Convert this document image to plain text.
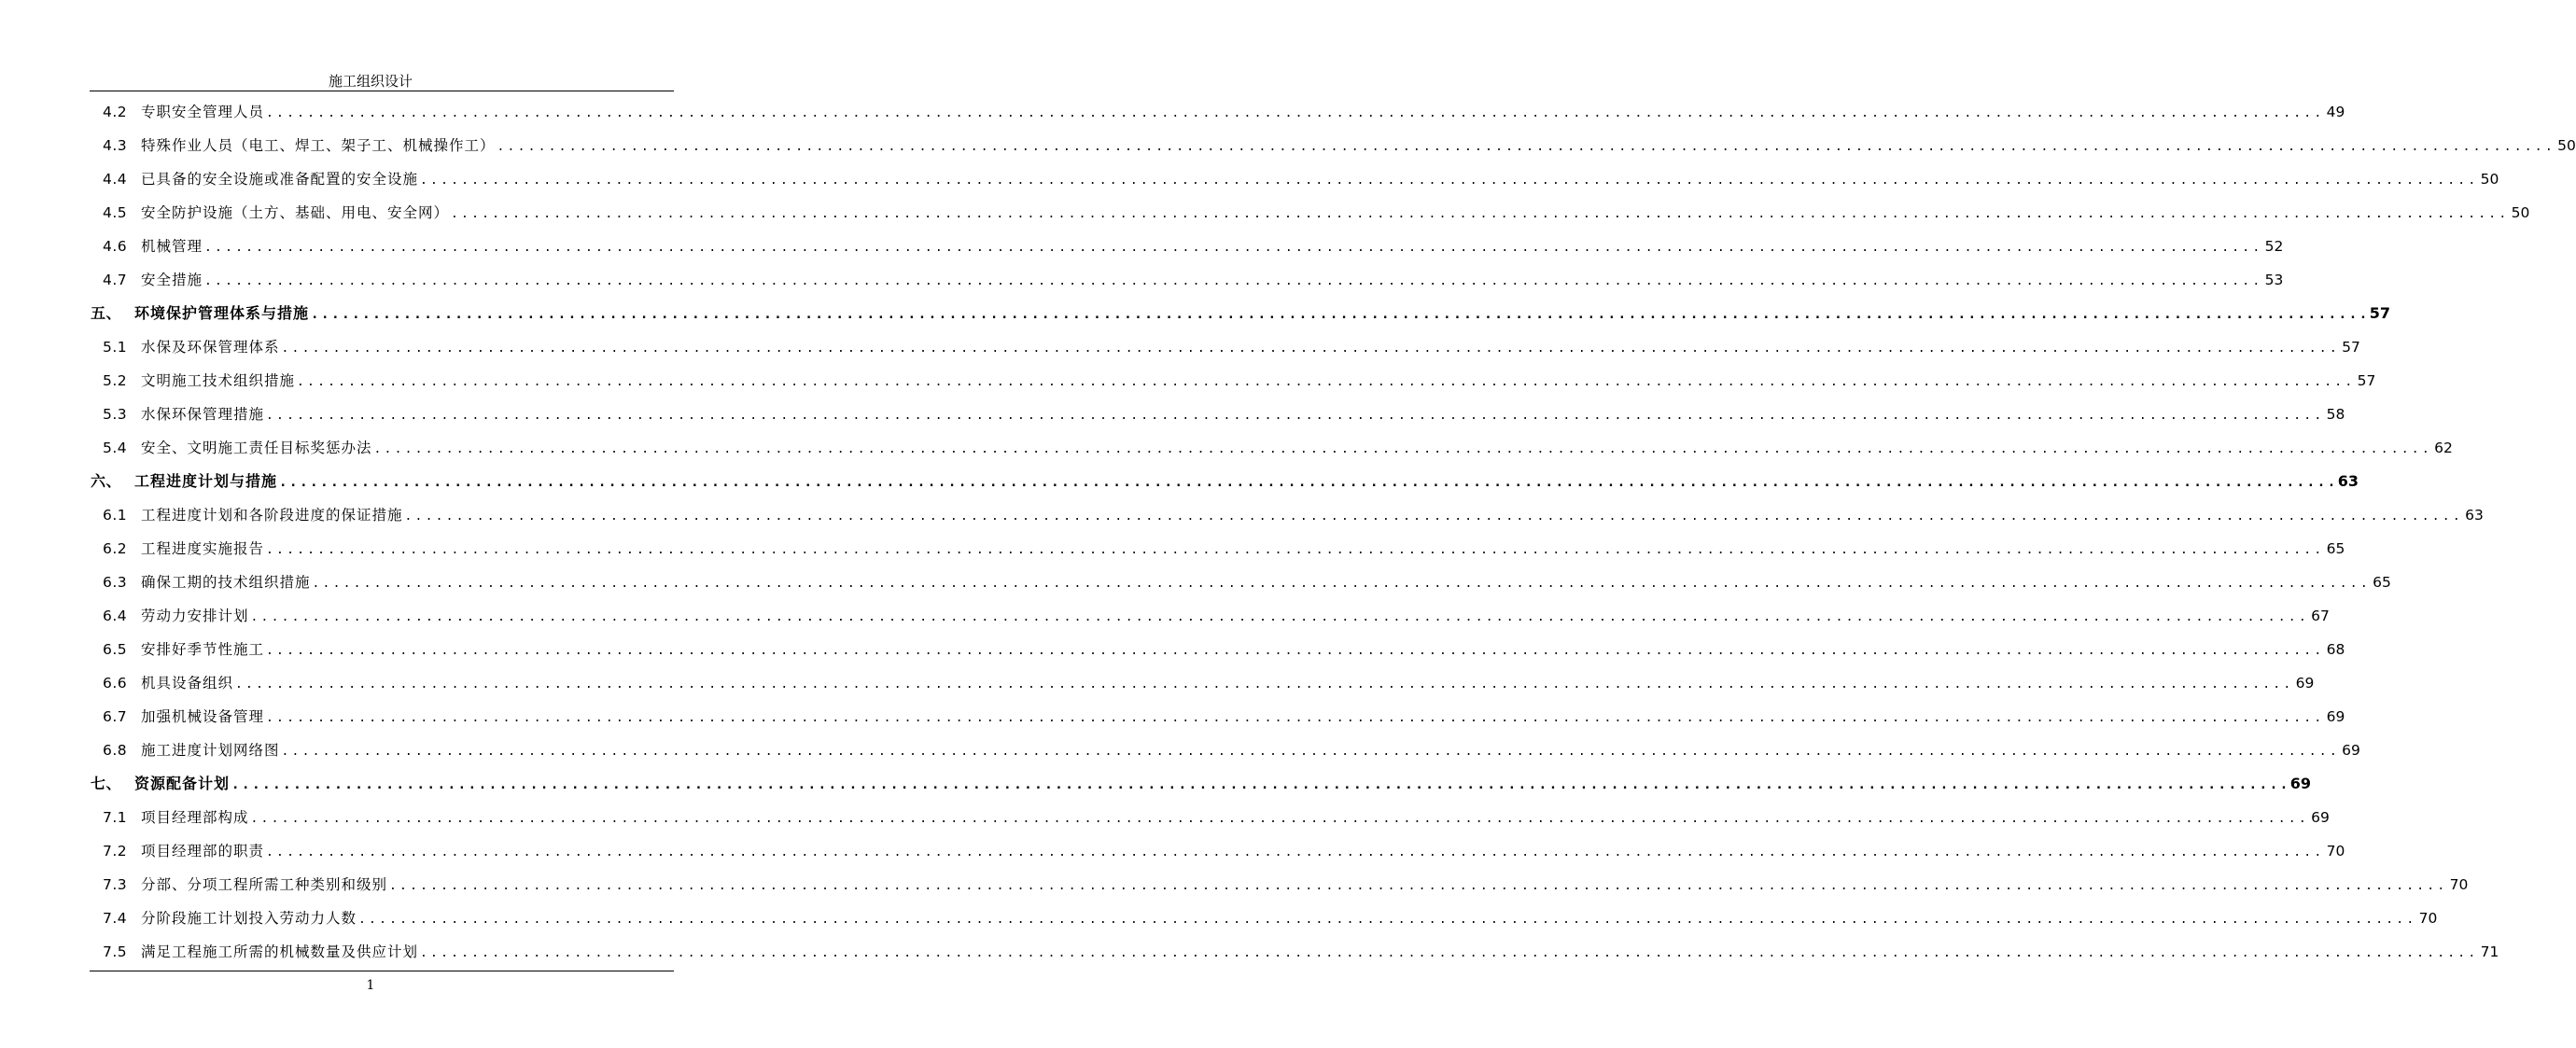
施工组织设计
4.2 专职安全管理人员 ........................................................................................................................................................................................................ 49
4.3 特殊作业人员（电工、焊工、架子工、机械操作工） ........................................................................................................................................................................................................ 50
4.4 已具备的安全设施或准备配置的安全设施 ........................................................................................................................................................................................................ 50
4.5 安全防护设施（土方、基础、用电、安全网） ........................................................................................................................................................................................................ 50
4.6 机械管理 ........................................................................................................................................................................................................ 52
4.7 安全措施 ........................................................................................................................................................................................................ 53
五、 环境保护管理体系与措施 ........................................................................................................................................................................................................ 57
5.1 水保及环保管理体系 ........................................................................................................................................................................................................ 57
5.2 文明施工技术组织措施 ........................................................................................................................................................................................................ 57
5.3 水保环保管理措施 ........................................................................................................................................................................................................ 58
5.4 安全、文明施工责任目标奖惩办法 ........................................................................................................................................................................................................ 62
六、 工程进度计划与措施 ........................................................................................................................................................................................................ 63
6.1 工程进度计划和各阶段进度的保证措施 ........................................................................................................................................................................................................ 63
6.2 工程进度实施报告 ........................................................................................................................................................................................................ 65
6.3 确保工期的技术组织措施 ........................................................................................................................................................................................................ 65
6.4 劳动力安排计划 ........................................................................................................................................................................................................ 67
6.5 安排好季节性施工 ........................................................................................................................................................................................................ 68
6.6 机具设备组织 ........................................................................................................................................................................................................ 69
6.7 加强机械设备管理 ........................................................................................................................................................................................................ 69
6.8 施工进度计划网络图 ........................................................................................................................................................................................................ 69
七、 资源配备计划 ........................................................................................................................................................................................................ 69
7.1 项目经理部构成 ........................................................................................................................................................................................................ 69
7.2 项目经理部的职责 ........................................................................................................................................................................................................ 70
7.3 分部、分项工程所需工种类别和级别 ........................................................................................................................................................................................................ 70
7.4 分阶段施工计划投入劳动力人数 ........................................................................................................................................................................................................ 70
7.5 满足工程施工所需的机械数量及供应计划 ........................................................................................................................................................................................................ 71
1
